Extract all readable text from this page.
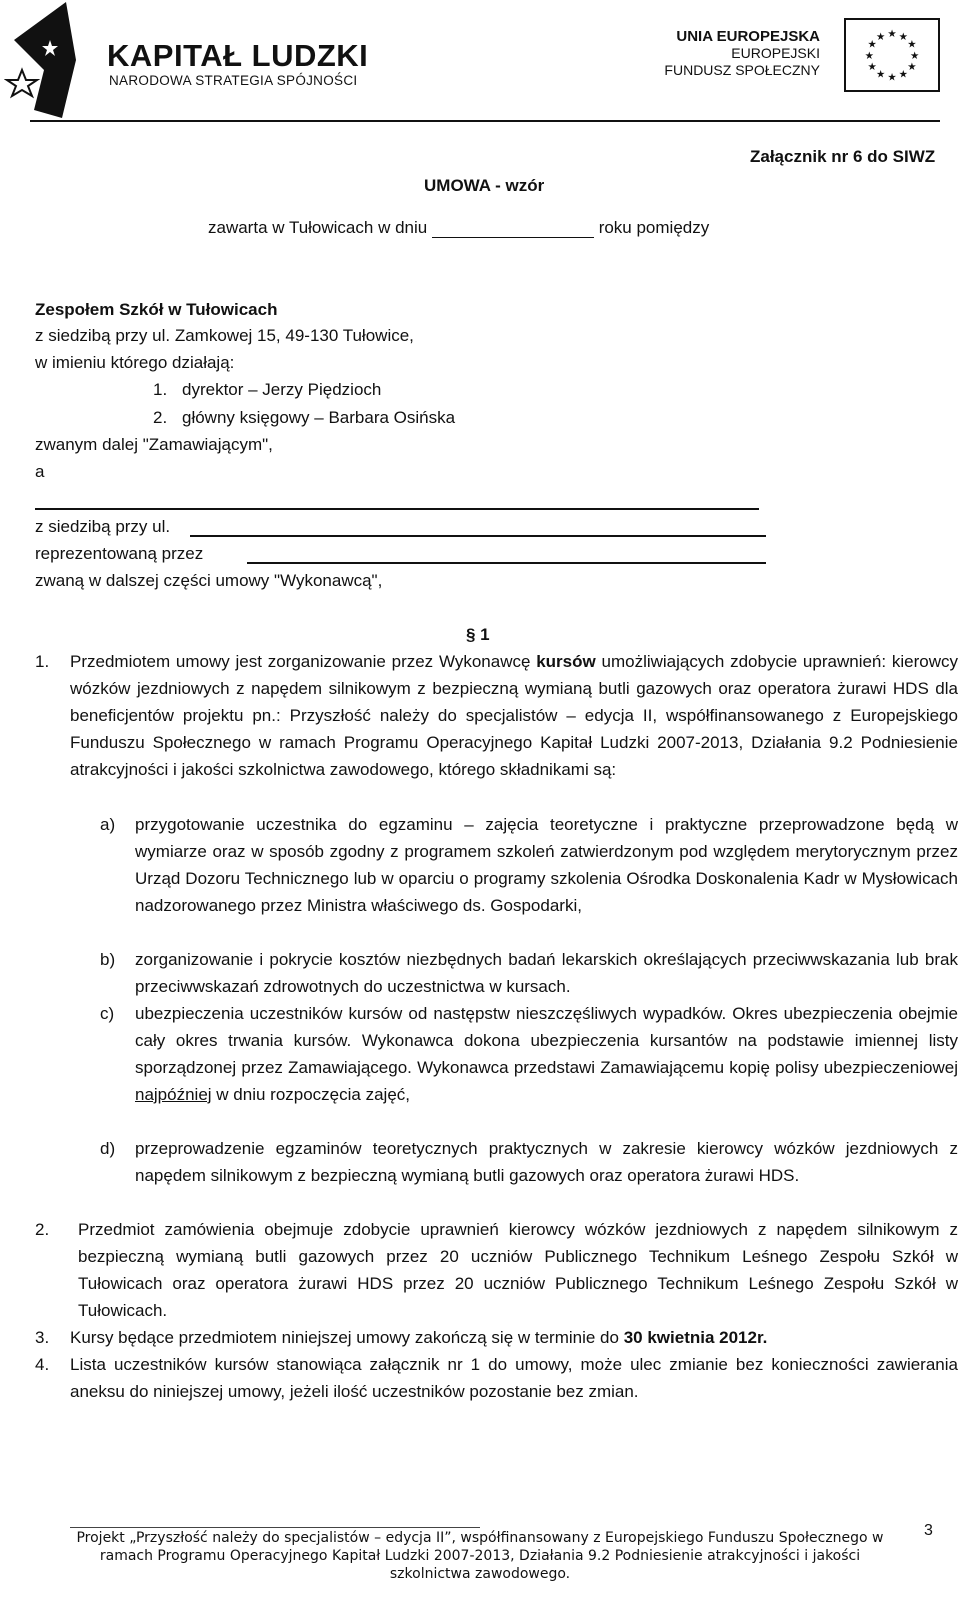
KAPITAŁ LUDZKI
NARODOWA STRATEGIA SPÓJNOŚCI
UNIA EUROPEJSKA
EUROPEJSKI
FUNDUSZ SPOŁECZNY
★ ★
★
★
★
★
★
★
★
★
★
★
Załącznik nr 6 do SIWZ
UMOWA - wzór
zawarta w Tułowicach w dniu	roku pomiędzy
Zespołem Szkół w Tułowicach
z siedzibą przy ul. Zamkowej 15, 49-130 Tułowice,
w imieniu którego działają:
1. dyrektor – Jerzy Piędzioch
2. główny księgowy – Barbara Osińska
zwanym dalej "Zamawiającym",
a
z siedzibą przy ul.
reprezentowaną przez
zwaną w dalszej części umowy "Wykonawcą",
§ 1
1. Przedmiotem umowy jest zorganizowanie przez Wykonawcę kursów umożliwiających zdobycie uprawnień: kierowcy wózków jezdniowych z napędem silnikowym z bezpieczną wymianą butli gazowych oraz operatora żurawi HDS dla beneficjentów projektu pn.: Przyszłość należy do specjalistów – edycja II, współfinansowanego z Europejskiego Funduszu Społecznego w ramach Programu Operacyjnego Kapitał Ludzki 2007-2013, Działania 9.2 Podniesienie atrakcyjności i jakości szkolnictwa zawodowego, którego składnikami są:
a) przygotowanie uczestnika do egzaminu – zajęcia teoretyczne i praktyczne przeprowadzone będą w wymiarze oraz w sposób zgodny z programem szkoleń zatwierdzonym pod względem merytorycznym przez Urząd Dozoru Technicznego lub w oparciu o programy szkolenia Ośrodka Doskonalenia Kadr w Mysłowicach nadzorowanego przez Ministra właściwego ds. Gospodarki,
b) zorganizowanie i pokrycie kosztów niezbędnych badań lekarskich określających przeciwwskazania lub brak przeciwwskazań zdrowotnych do uczestnictwa w kursach.
c) ubezpieczenia uczestników kursów od następstw nieszczęśliwych wypadków. Okres ubezpieczenia obejmie cały okres trwania kursów. Wykonawca dokona ubezpieczenia kursantów na podstawie imiennej listy sporządzonej przez Zamawiającego. Wykonawca przedstawi Zamawiającemu kopię polisy ubezpieczeniowej najpóźniej w dniu rozpoczęcia zajęć,
d) przeprowadzenie egzaminów teoretycznych praktycznych w zakresie kierowcy wózków jezdniowych z napędem silnikowym z bezpieczną wymianą butli gazowych oraz operatora żurawi HDS.
2. Przedmiot zamówienia obejmuje zdobycie uprawnień kierowcy wózków jezdniowych z napędem silnikowym z bezpieczną wymianą butli gazowych przez 20 uczniów Publicznego Technikum Leśnego Zespołu Szkół w Tułowicach oraz operatora żurawi HDS przez 20 uczniów Publicznego Technikum Leśnego Zespołu Szkół w Tułowicach.
3. Kursy będące przedmiotem niniejszej umowy zakończą się w terminie do 30 kwietnia 2012r.
4. Lista uczestników kursów stanowiąca załącznik nr 1 do umowy, może ulec zmianie bez konieczności zawierania aneksu do niniejszej umowy, jeżeli ilość uczestników pozostanie bez zmian.
3
Projekt „Przyszłość należy do specjalistów – edycja II”, współfinansowany z Europejskiego Funduszu Społecznego w ramach Programu Operacyjnego Kapitał Ludzki 2007-2013, Działania 9.2 Podniesienie atrakcyjności i jakości szkolnictwa zawodowego.
